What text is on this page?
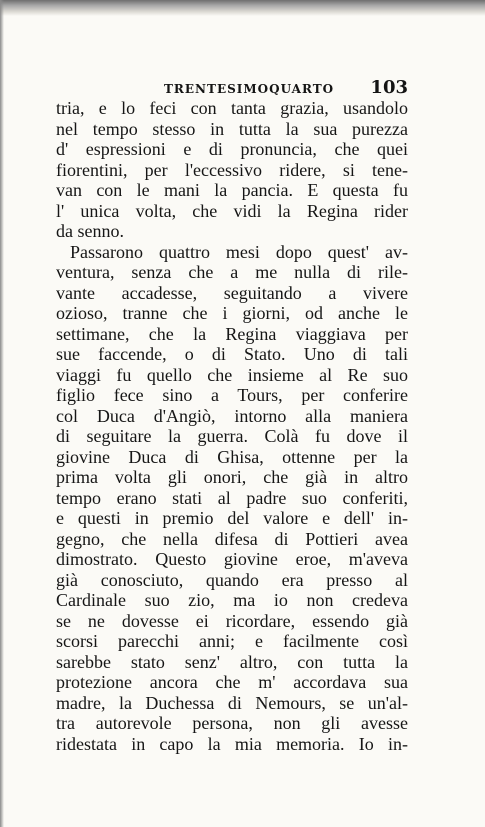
TRENTESIMOQUARTO 103
tria, e lo feci con tanta grazia, usandolo
nel tempo stesso in tutta la sua purezza
d' espressioni e di pronuncia, che quei
fiorentini, per l'eccessivo ridere, si tene-
van con le mani la pancia. E questa fu
l' unica volta, che vidi la Regina rider
da senno.
Passarono quattro mesi dopo quest' av-
ventura, senza che a me nulla di rile-
vante accadesse, seguitando a vivere
ozioso, tranne che i giorni, od anche le
settimane, che la Regina viaggiava per
sue faccende, o di Stato. Uno di tali
viaggi fu quello che insieme al Re suo
figlio fece sino a Tours, per conferire
col Duca d'Angiò, intorno alla maniera
di seguitare la guerra. Colà fu dove il
giovine Duca di Ghisa, ottenne per la
prima volta gli onori, che già in altro
tempo erano stati al padre suo conferiti,
e questi in premio del valore e dell' in-
gegno, che nella difesa di Pottieri avea
dimostrato. Questo giovine eroe, m'aveva
già conosciuto, quando era presso al
Cardinale suo zio, ma io non credeva
se ne dovesse ei ricordare, essendo già
scorsi parecchi anni; e facilmente così
sarebbe stato senz' altro, con tutta la
protezione ancora che m' accordava sua
madre, la Duchessa di Nemours, se un'al-
tra autorevole persona, non gli avesse
ridestata in capo la mia memoria. Io in-
